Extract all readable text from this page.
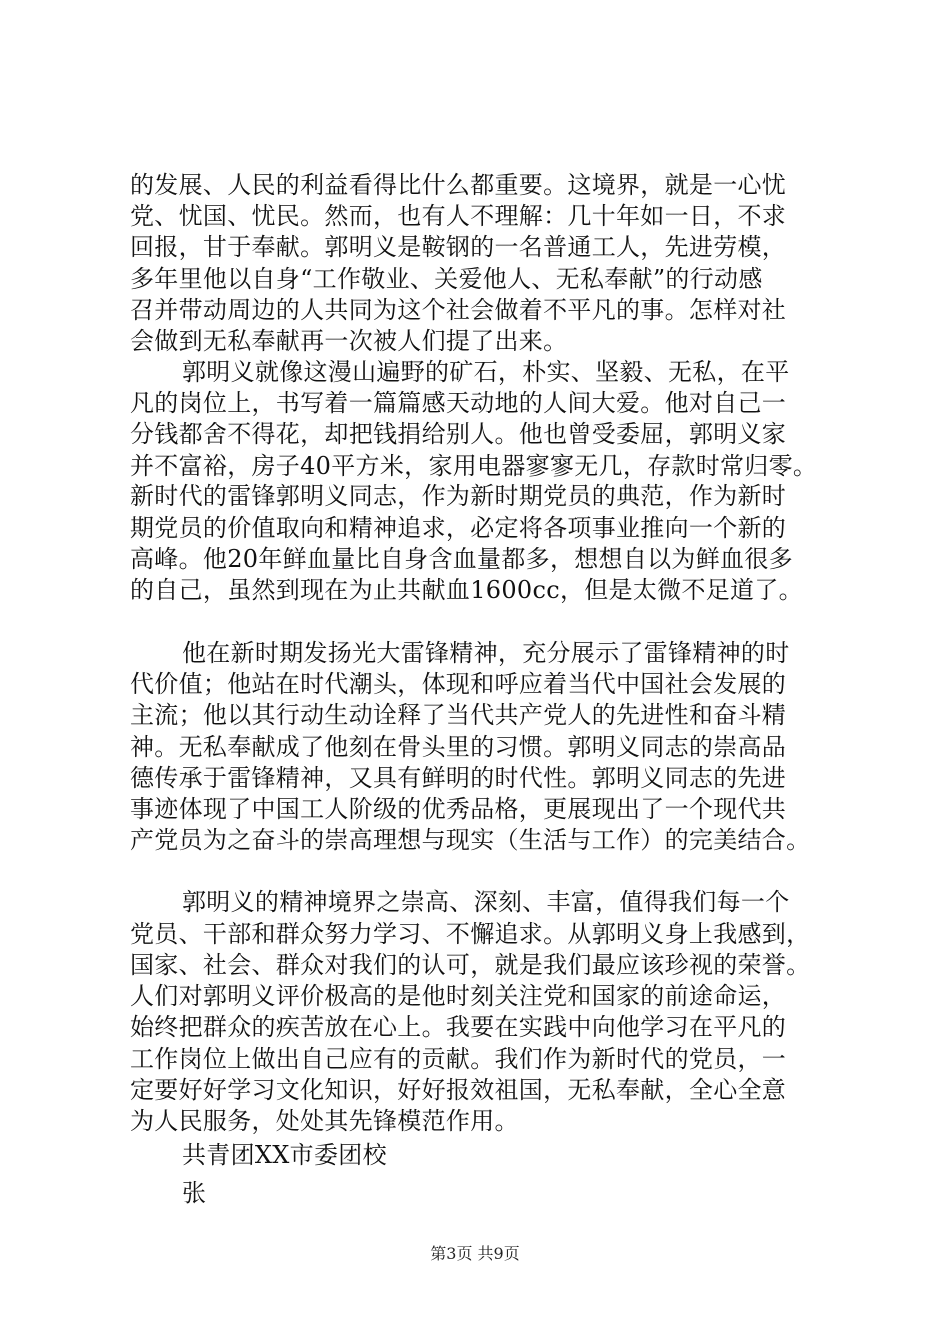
的发展、人民的利益看得比什么都重要。这境界，就是一心忧
党、忧国、忧民。然而，也有人不理解：几十年如一日，不求
回报，甘于奉献。郭明义是鞍钢的一名普通工人，先进劳模，
多年里他以自身“工作敬业、关爱他人、无私奉献”的行动感
召并带动周边的人共同为这个社会做着不平凡的事。怎样对社
会做到无私奉献再一次被人们提了出来。
郭明义就像这漫山遍野的矿石，朴实、坚毅、无私，在平
凡的岗位上，书写着一篇篇感天动地的人间大爱。他对自己一
分钱都舍不得花，却把钱捐给别人。他也曾受委屈，郭明义家
并不富裕，房子40平方米，家用电器寥寥无几，存款时常归零。
新时代的雷锋郭明义同志，作为新时期党员的典范，作为新时
期党员的价值取向和精神追求，必定将各项事业推向一个新的
高峰。他20年鲜血量比自身含血量都多，想想自以为鲜血很多
的自己，虽然到现在为止共献血1600cc，但是太微不足道了。
他在新时期发扬光大雷锋精神，充分展示了雷锋精神的时
代价值；他站在时代潮头，体现和呼应着当代中国社会发展的
主流；他以其行动生动诠释了当代共产党人的先进性和奋斗精
神。无私奉献成了他刻在骨头里的习惯。郭明义同志的崇高品
德传承于雷锋精神，又具有鲜明的时代性。郭明义同志的先进
事迹体现了中国工人阶级的优秀品格，更展现出了一个现代共
产党员为之奋斗的崇高理想与现实（生活与工作）的完美结合。
郭明义的精神境界之崇高、深刻、丰富，值得我们每一个
党员、干部和群众努力学习、不懈追求。从郭明义身上我感到，
国家、社会、群众对我们的认可，就是我们最应该珍视的荣誉。
人们对郭明义评价极高的是他时刻关注党和国家的前途命运，
始终把群众的疾苦放在心上。我要在实践中向他学习在平凡的
工作岗位上做出自己应有的贡献。我们作为新时代的党员，一
定要好好学习文化知识，好好报效祖国，无私奉献，全心全意
为人民服务，处处其先锋模范作用。
共青团XX市委团校
张
第3页 共9页
